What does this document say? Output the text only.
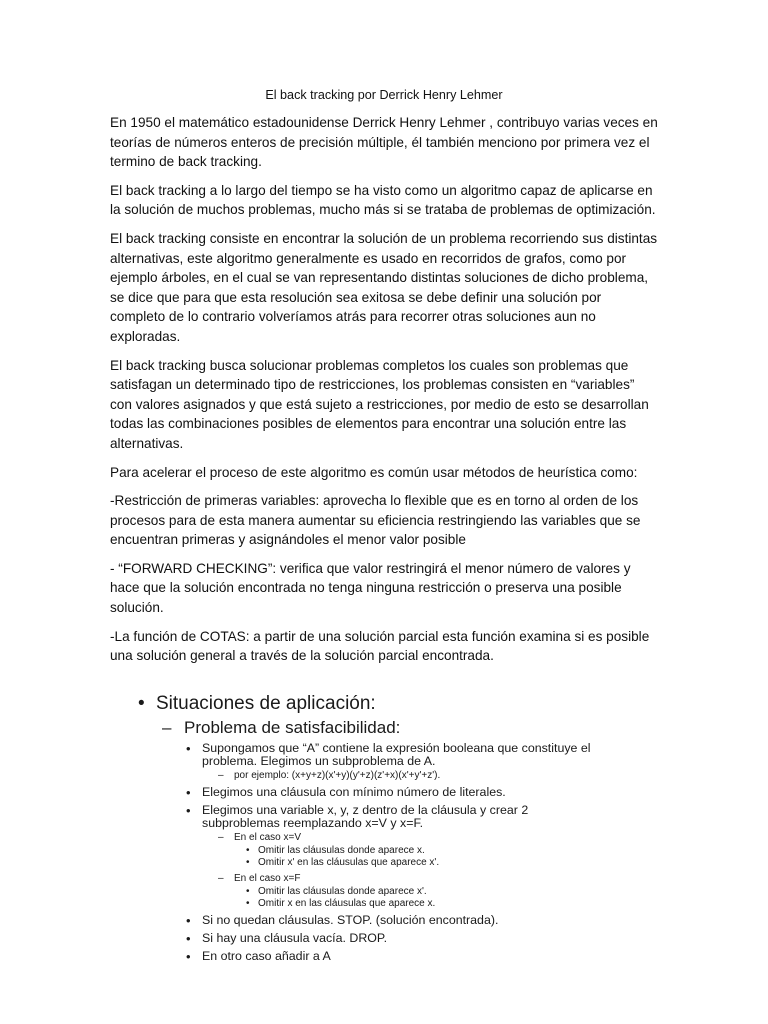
El back tracking por Derrick Henry Lehmer

En 1950 el matemático estadounidense Derrick Henry Lehmer , contribuyo varias veces en teorías de números enteros de precisión múltiple, él también menciono por primera vez el termino de back tracking.

El back tracking a lo largo del tiempo se ha visto como un algoritmo capaz de aplicarse en la solución de muchos problemas, mucho más si se trataba de problemas de optimización.

El back tracking consiste en encontrar la solución de un problema recorriendo sus distintas alternativas, este algoritmo generalmente es usado en recorridos de grafos, como por ejemplo árboles, en el cual se van representando distintas soluciones de dicho problema, se dice que para que esta resolución sea exitosa se debe definir una solución por completo de lo contrario volveríamos atrás para recorrer otras soluciones aun no exploradas.

El back tracking busca solucionar problemas completos los cuales son problemas que satisfagan un determinado tipo de restricciones, los problemas consisten en “variables” con valores asignados y que está sujeto a restricciones, por medio de esto se desarrollan todas las combinaciones posibles de elementos para encontrar una solución entre las alternativas.

Para acelerar el proceso de este algoritmo es común usar métodos de heurística como:

-Restricción de primeras variables: aprovecha lo flexible que es en torno al orden de los procesos para de esta manera aumentar su eficiencia restringiendo las variables que se encuentran primeras y asignándoles el menor valor posible

- “FORWARD CHECKING”: verifica que valor restringirá el menor número de valores y hace que la solución encontrada no tenga ninguna restricción o preserva una posible solución.

-La función de COTAS: a partir de una solución parcial esta función examina si es posible una solución general a través de la solución parcial encontrada.

• Situaciones de aplicación:
– Problema de satisfacibilidad:
• Supongamos que “A” contiene la expresión booleana que constituye el
problema. Elegimos un subproblema de A.
– por ejemplo: (x+y+z)(x'+y)(y'+z)(z'+x)(x'+y'+z').
• Elegimos una cláusula con mínimo número de literales.
• Elegimos una variable x, y, z dentro de la cláusula y crear 2
subproblemas reemplazando x=V y x=F.
– En el caso x=V
• Omitir las cláusulas donde aparece x.
• Omitir x' en las cláusulas que aparece x'.
– En el caso x=F
• Omitir las cláusulas donde aparece x'.
• Omitir x en las cláusulas que aparece x.
• Si no quedan cláusulas. STOP. (solución encontrada).
• Si hay una cláusula vacía. DROP.
• En otro caso añadir a A
